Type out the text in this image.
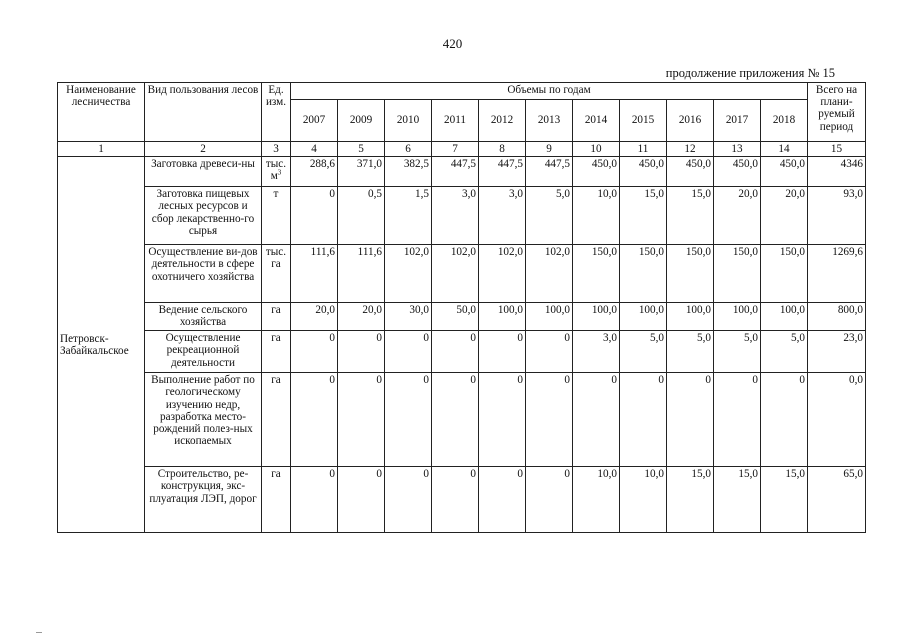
420
продолжение приложения № 15
Наименование лесничества	Вид пользования лесов	Ед. изм.	Объемы по годам											Всего на плани-руемый период
			2007	2009	2010	2011	2012	2013	2014	2015	2016	2017	2018	
1	2	3	4	5	6	7	8	9	10	11	12	13	14	15
Петровск-Забайкальское	Заготовка древеси-ны	тыс. $м^3$	288,6	371,0	382,5	447,5	447,5	447,5	450,0	450,0	450,0	450,0	450,0	4346
	Заготовка пищевых лесных ресурсов и сбор лекарственно-го сырья	т	0	0,5	1,5	3,0	3,0	5,0	10,0	15,0	15,0	20,0	20,0	93,0
	Осуществление ви-дов деятельности в сфере охотничего хозяйства	тыс. га	111,6	111,6	102,0	102,0	102,0	102,0	150,0	150,0	150,0	150,0	150,0	1269,6
	Ведение сельского хозяйства	га	20,0	20,0	30,0	50,0	100,0	100,0	100,0	100,0	100,0	100,0	100,0	800,0
	Осуществление рекреационной деятельности	га	0	0	0	0	0	0	3,0	5,0	5,0	5,0	5,0	23,0
	Выполнение работ по геологическому изучению недр, разработка место-рождений полез-ных ископаемых	га	0	0	0	0	0	0	0	0	0	0	0	0,0
	Строительство, ре-конструкция, экс-плуатация ЛЭП, дорог	га	0	0	0	0	0	0	10,0	10,0	15,0	15,0	15,0	65,0
